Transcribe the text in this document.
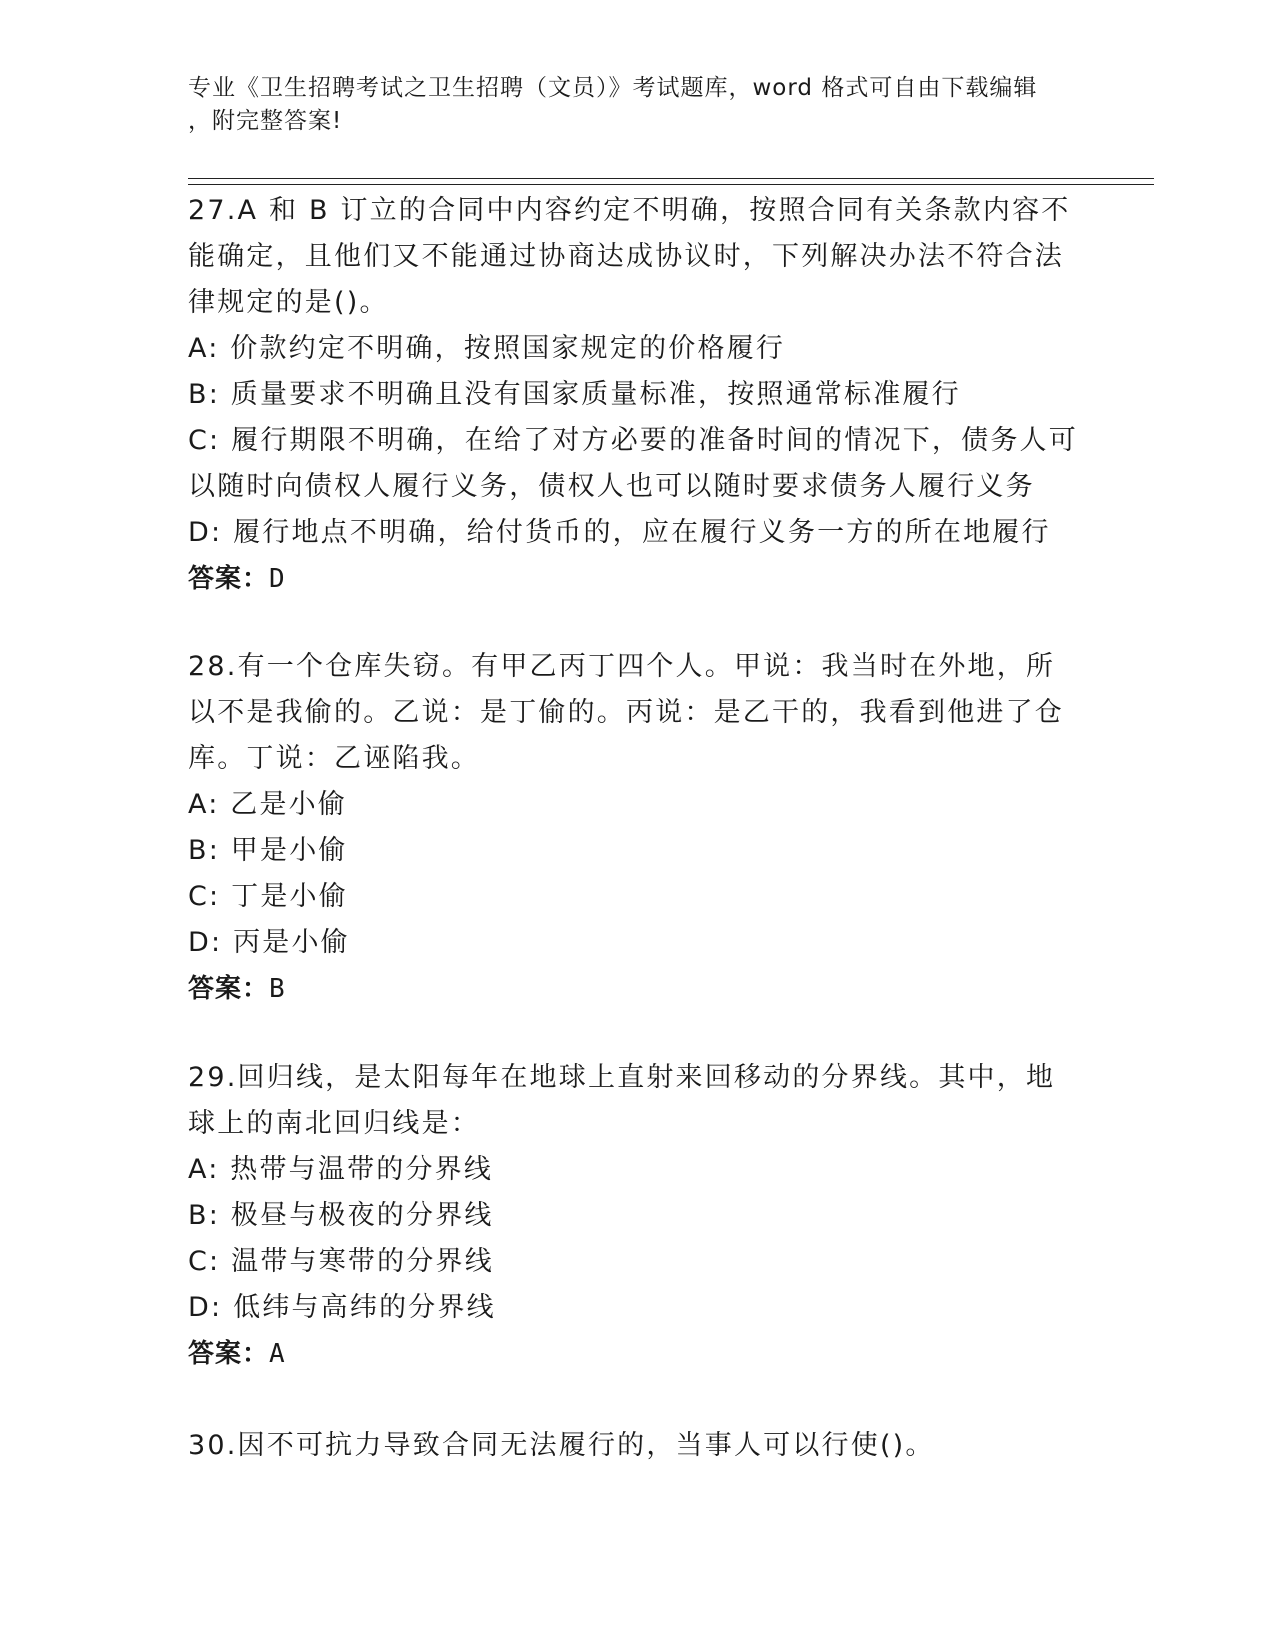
专业《卫生招聘考试之卫生招聘（文员）》考试题库，word 格式可自由下载编辑
，附完整答案!
27.A 和 B 订立的合同中内容约定不明确，按照合同有关条款内容不能确定，且他们又不能通过协商达成协议时，下列解决办法不符合法律规定的是()。
A: 价款约定不明确，按照国家规定的价格履行
B: 质量要求不明确且没有国家质量标准，按照通常标准履行
C: 履行期限不明确，在给了对方必要的准备时间的情况下，债务人可以随时向债权人履行义务，债权人也可以随时要求债务人履行义务
D: 履行地点不明确，给付货币的，应在履行义务一方的所在地履行
答案：D
28.有一个仓库失窃。有甲乙丙丁四个人。甲说：我当时在外地，所以不是我偷的。乙说：是丁偷的。丙说：是乙干的，我看到他进了仓库。丁说：乙诬陷我。
A: 乙是小偷
B: 甲是小偷
C: 丁是小偷
D: 丙是小偷
答案：B
29.回归线，是太阳每年在地球上直射来回移动的分界线。其中，地球上的南北回归线是：
A: 热带与温带的分界线
B: 极昼与极夜的分界线
C: 温带与寒带的分界线
D: 低纬与高纬的分界线
答案：A
30.因不可抗力导致合同无法履行的，当事人可以行使()。
